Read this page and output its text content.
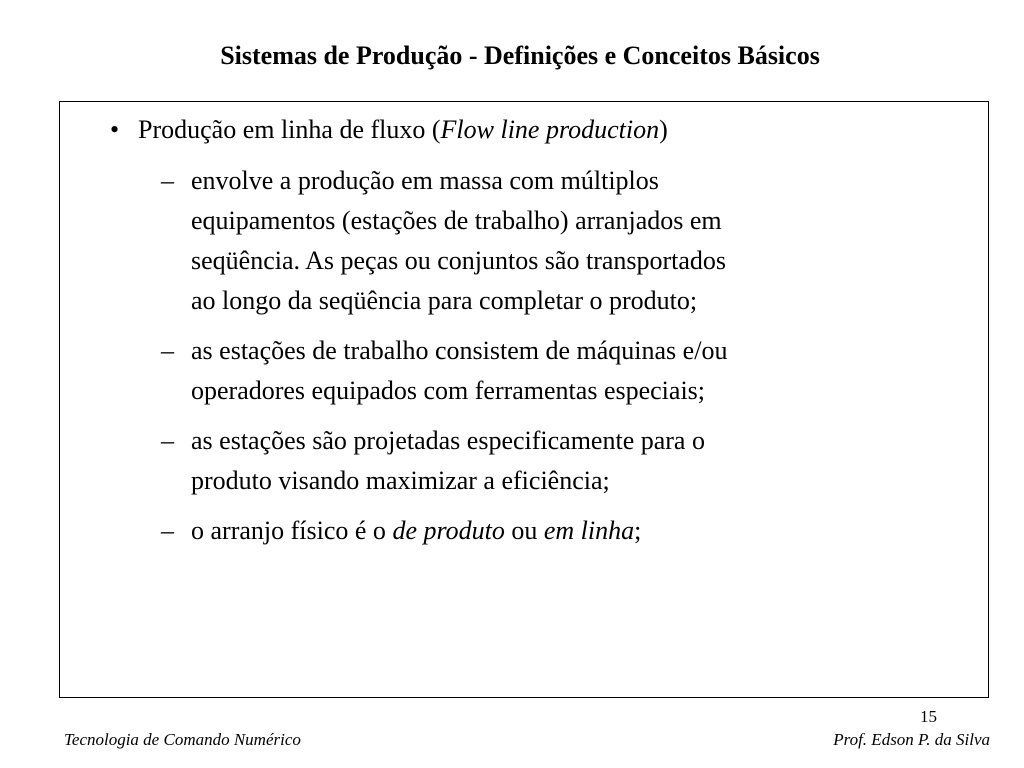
Sistemas de Produção - Definições e Conceitos Básicos
• Produção em linha de fluxo (Flow line production)
– envolve a produção em massa com múltiplos
equipamentos (estações de trabalho) arranjados em
seqüência. As peças ou conjuntos são transportados
ao longo da seqüência para completar o produto;
– as estações de trabalho consistem de máquinas e/ou
operadores equipados com ferramentas especiais;
– as estações são projetadas especificamente para o
produto visando maximizar a eficiência;
– o arranjo físico é o de produto ou em linha;
15
Tecnologia de Comando Numérico	Prof. Edson P. da Silva
